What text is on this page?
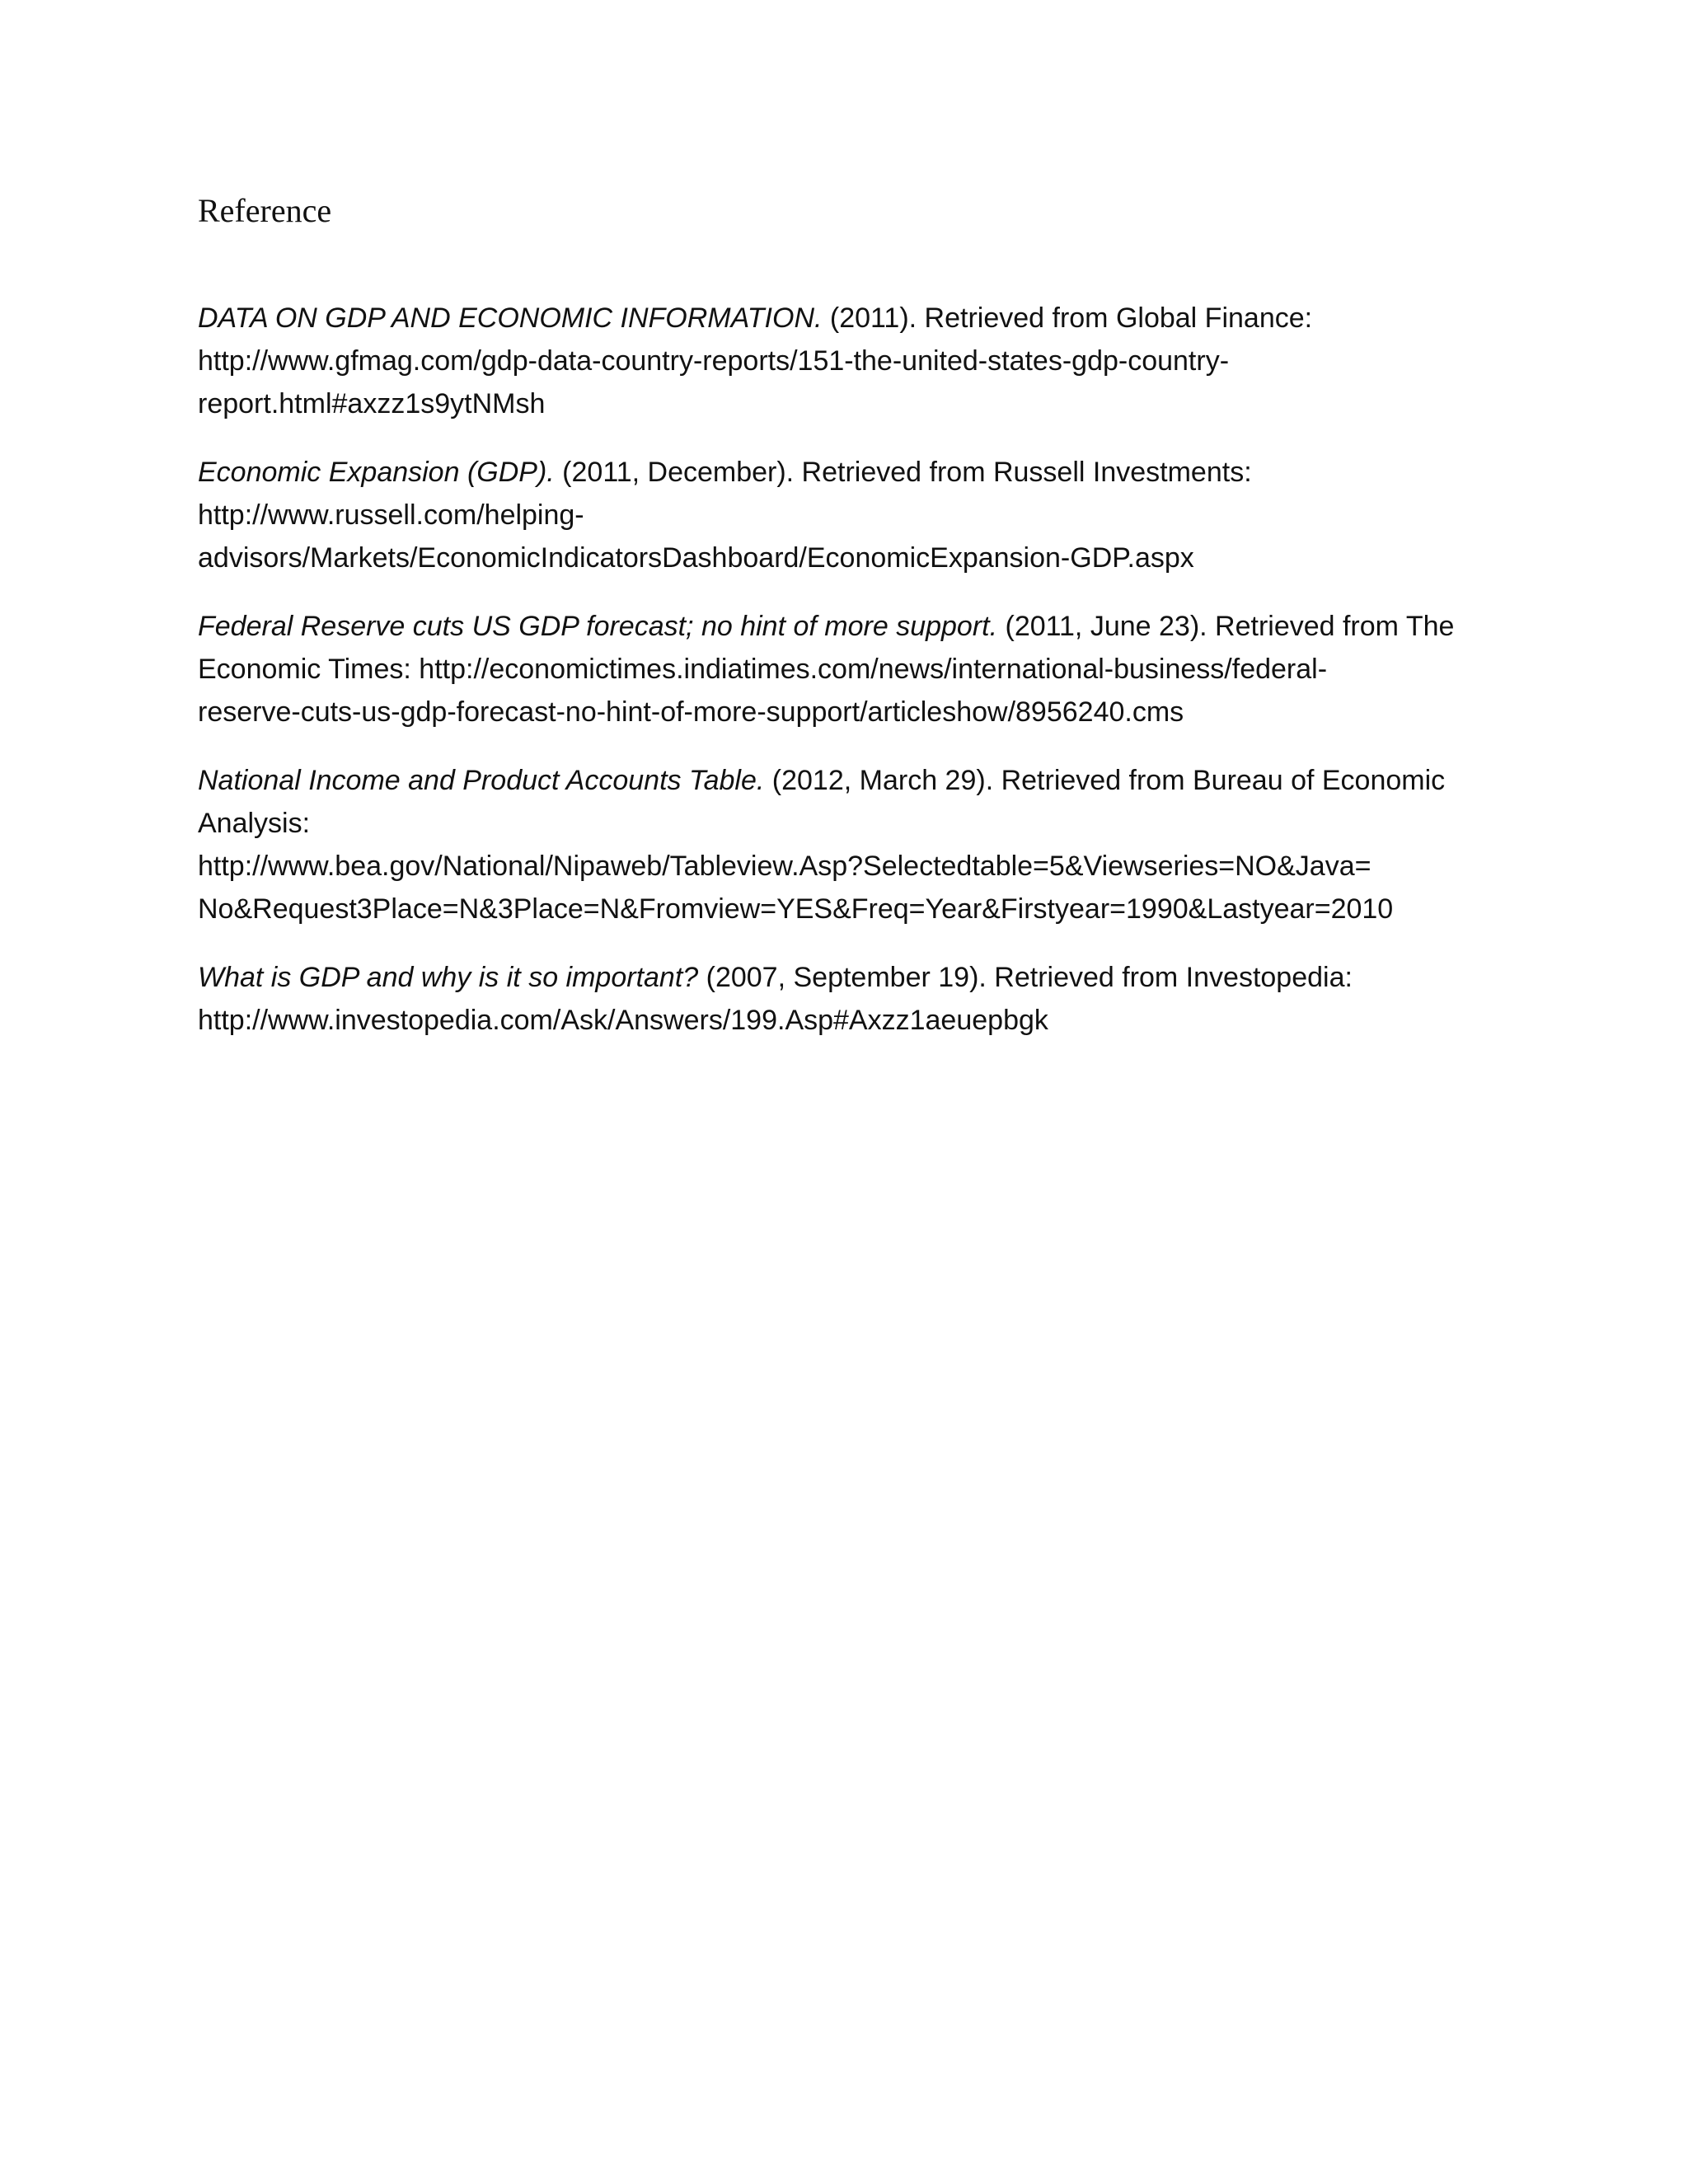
Reference

DATA ON GDP AND ECONOMIC INFORMATION. (2011). Retrieved from Global Finance:
http://www.gfmag.com/gdp-data-country-reports/151-the-united-states-gdp-country-
report.html#axzz1s9ytNMsh

Economic Expansion (GDP). (2011, December). Retrieved from Russell Investments:
http://www.russell.com/helping-
advisors/Markets/EconomicIndicatorsDashboard/EconomicExpansion-GDP.aspx

Federal Reserve cuts US GDP forecast; no hint of more support. (2011, June 23). Retrieved from The
Economic Times: http://economictimes.indiatimes.com/news/international-business/federal-
reserve-cuts-us-gdp-forecast-no-hint-of-more-support/articleshow/8956240.cms

National Income and Product Accounts Table. (2012, March 29). Retrieved from Bureau of Economic
Analysis:
http://www.bea.gov/National/Nipaweb/Tableview.Asp?Selectedtable=5&Viewseries=NO&Java=
No&Request3Place=N&3Place=N&Fromview=YES&Freq=Year&Firstyear=1990&Lastyear=2010

What is GDP and why is it so important? (2007, September 19). Retrieved from Investopedia:
http://www.investopedia.com/Ask/Answers/199.Asp#Axzz1aeuepbgk
